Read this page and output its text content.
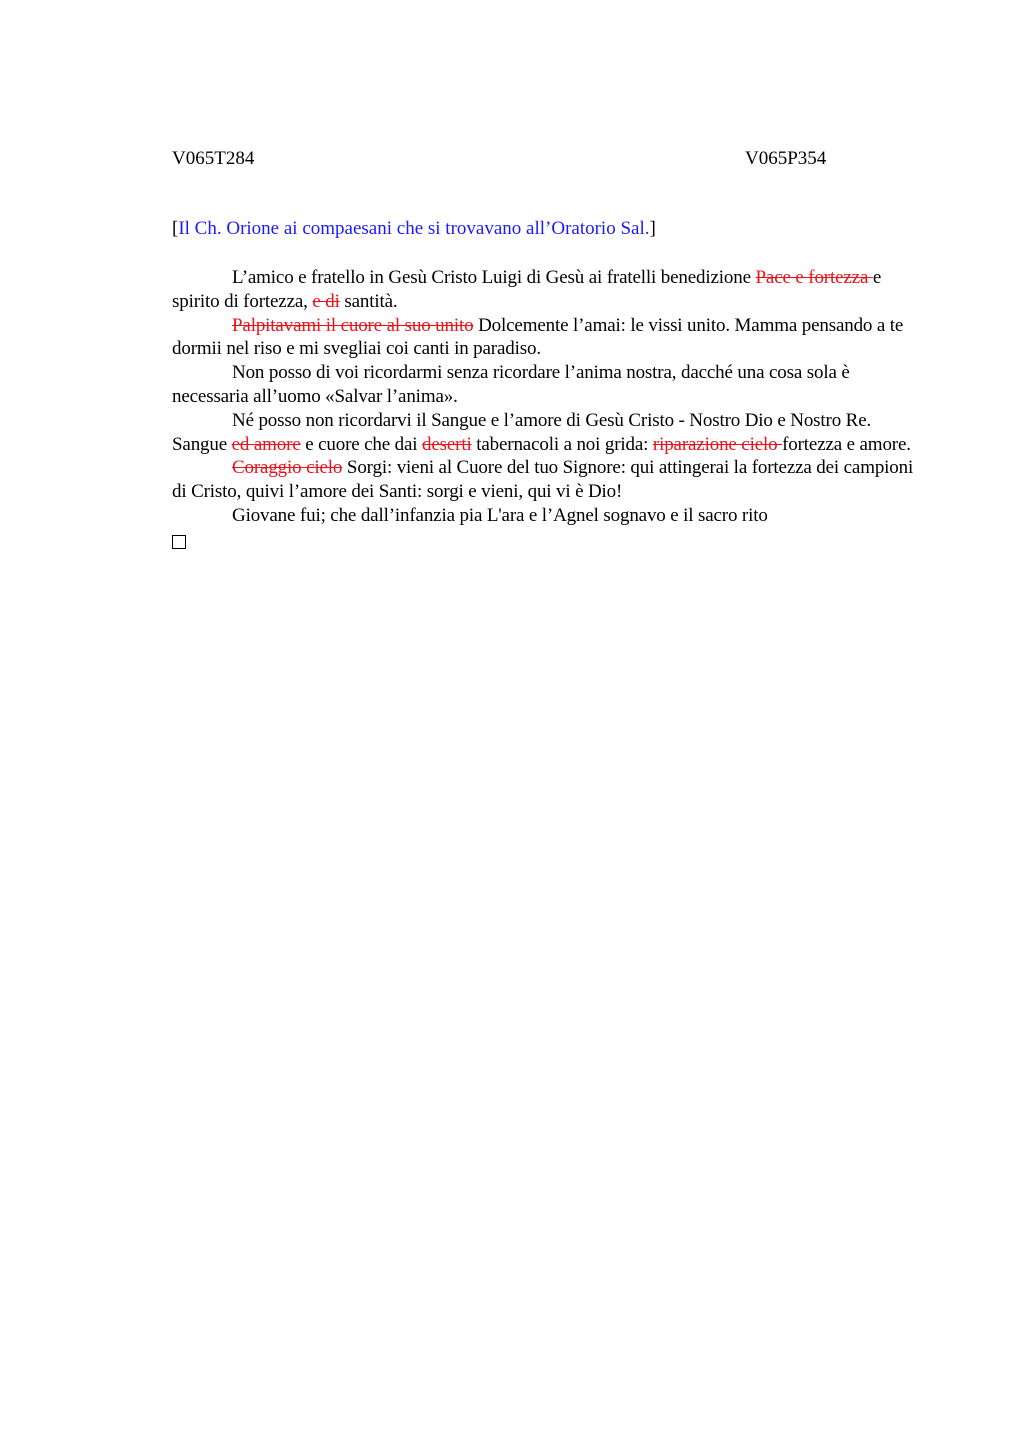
V065T284	V065P354
[Il Ch. Orione ai compaesani che si trovavano all’Oratorio Sal.]

L’amico e fratello in Gesù Cristo Luigi di Gesù ai fratelli benedizione Pace e fortezza e spirito di fortezza, e di santità.

Palpitavami il cuore al suo unito Dolcemente l’amai: le vissi unito. Mamma pensando a te dormii nel riso e mi svegliai coi canti in paradiso.

Non posso di voi ricordarmi senza ricordare l’anima nostra, dacché una cosa sola è necessaria all’uomo «Salvar l’anima».

Né posso non ricordarvi il Sangue e l’amore di Gesù Cristo - Nostro Dio e Nostro Re. Sangue ed amore e cuore che dai deserti tabernacoli a noi grida: riparazione cielo fortezza e amore.

Coraggio cielo Sorgi: vieni al Cuore del tuo Signore: qui attingerai la fortezza dei campioni di Cristo, quivi l’amore dei Santi: sorgi e vieni, qui vi è Dio!

Giovane fui; che dall’infanzia pia L'ara e l’Agnel sognavo e il sacro rito
